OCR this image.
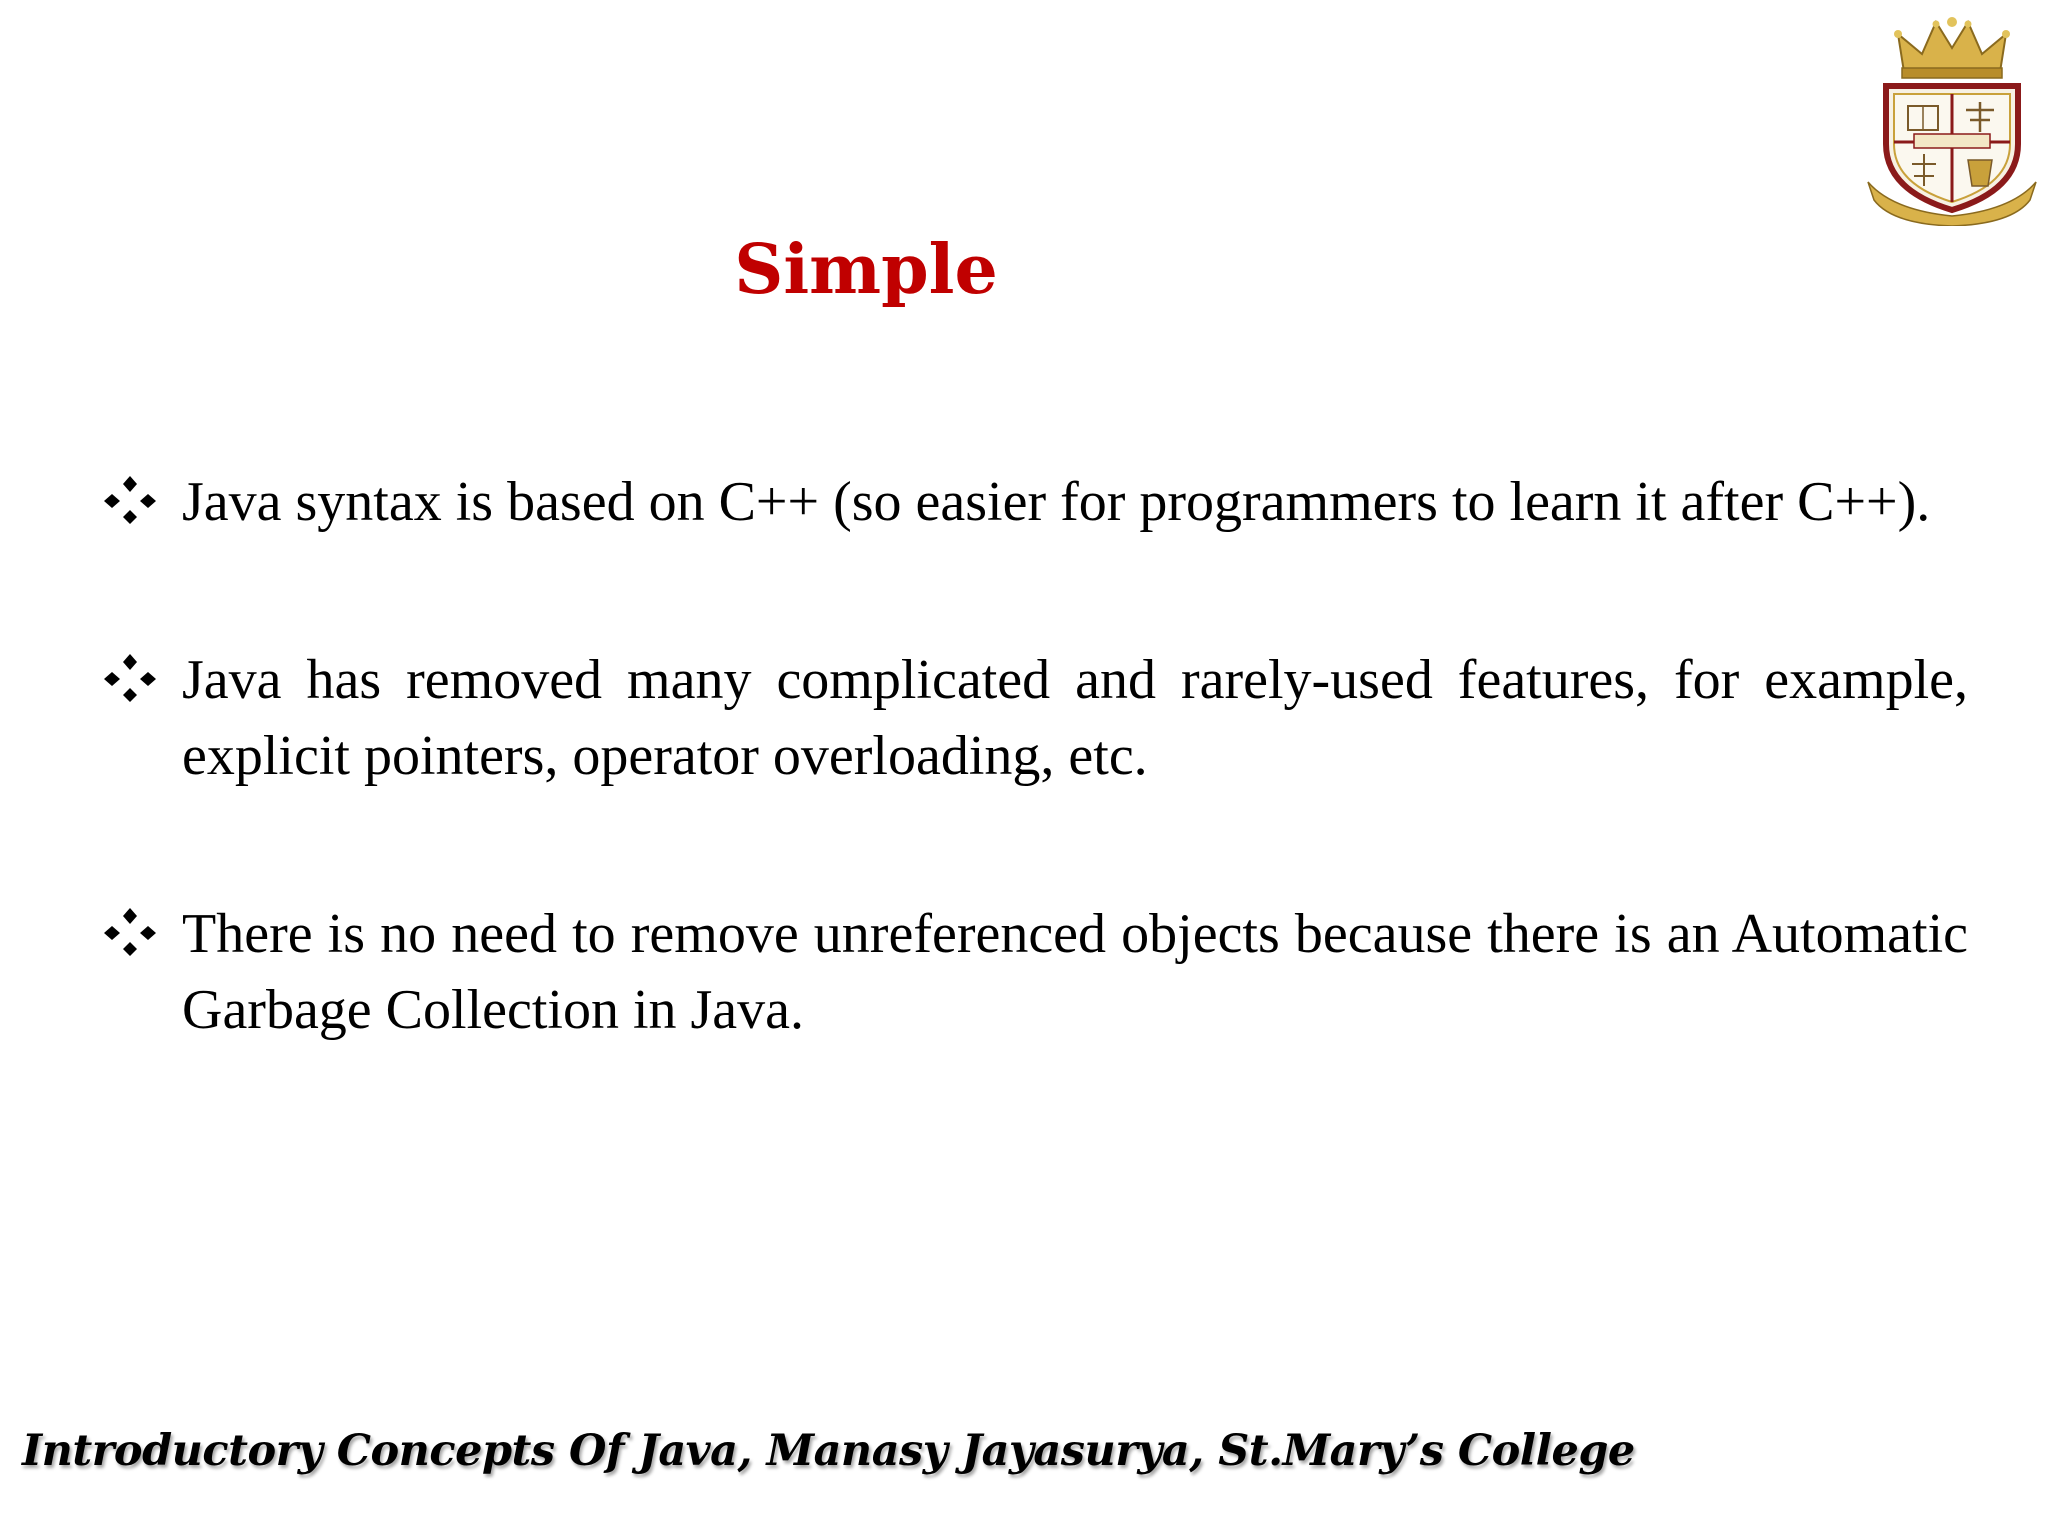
Simple
Java syntax is based on C++ (so easier for programmers to learn it after C++).
Java has removed many complicated and rarely-used features, for example, explicit pointers, operator overloading, etc.
There is no need to remove unreferenced objects because there is an Automatic Garbage Collection in Java.
Introductory Concepts Of Java, Manasy Jayasurya, St.Mary’s College
